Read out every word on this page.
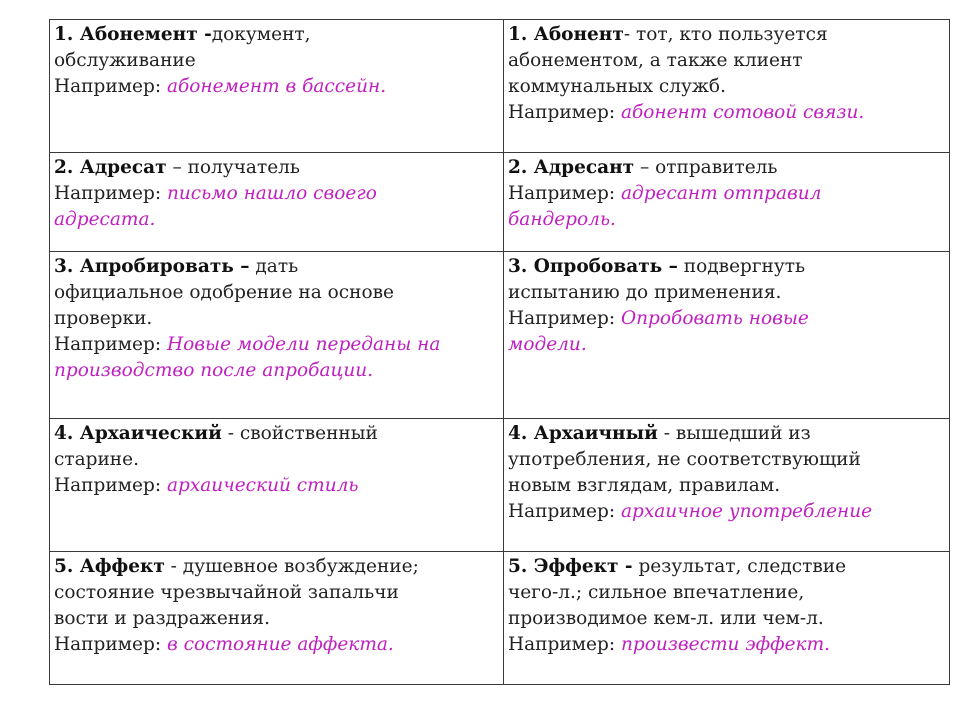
1. Абонемент -документ,
обслуживание
Например: абонемент в бассейн.	1. Абонент- тот, кто пользуется
абонементом, а также клиент
коммунальных служб.
Например: абонент сотовой связи.
2. Адресат – получатель
Например: письмо нашло своего
адресата.	2. Адресант – отправитель
Например: адресант отправил
бандероль.
3. Апробировать – дать
официальное одобрение на основе
проверки.
Например: Новые модели переданы на
производство после апробации.	3. Опробовать – подвергнуть
испытанию до применения.
Например: Опробовать новые
модели.
4. Архаический - свойственный
старине.
Например: архаический стиль	4. Архаичный - вышедший из
употребления, не соответствующий
новым взглядам, правилам.
Например: архаичное употребление
5. Аффект - душевное возбуждение;
состояние чрезвычайной запальчи
вости и раздражения.
Например: в состояние аффекта.	5. Эффект - результат, следствие
чего-л.; сильное впечатление,
производимое кем-л. или чем-л.
Например: произвести эффект.
